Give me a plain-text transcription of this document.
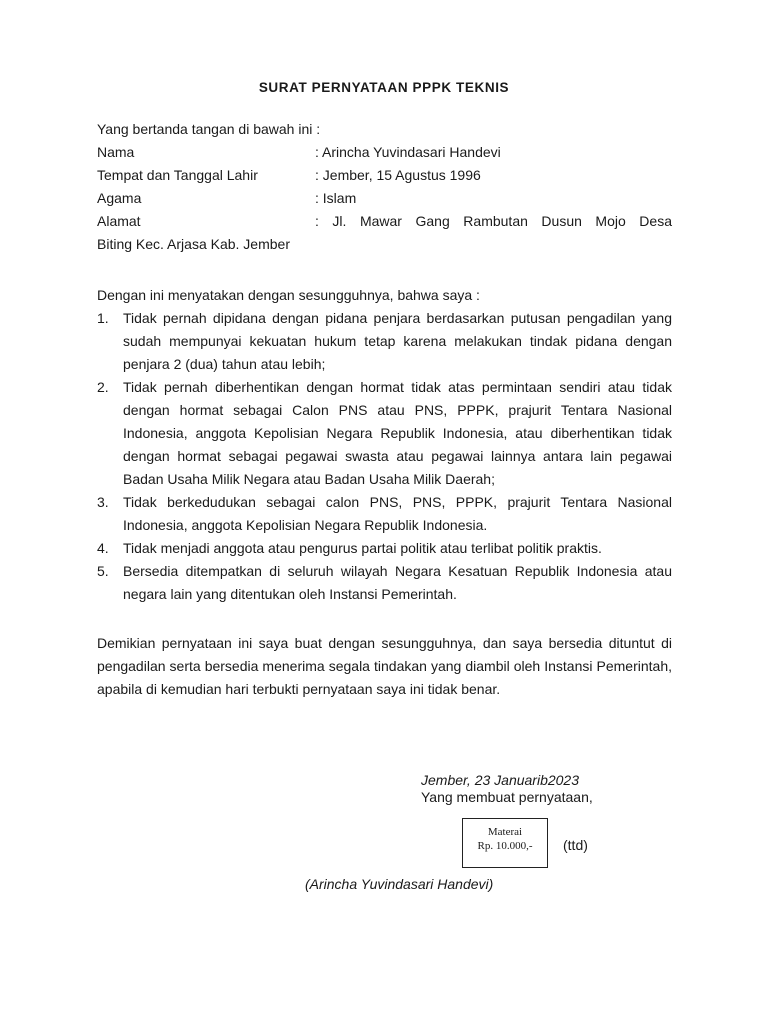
SURAT PERNYATAAN PPPK TEKNIS
Yang bertanda tangan di bawah ini :
Nama	: Arincha Yuvindasari Handevi
Tempat dan Tanggal Lahir	: Jember, 15 Agustus 1996
Agama	: Islam
Alamat	: Jl. Mawar Gang Rambutan Dusun Mojo Desa
Biting Kec. Arjasa Kab. Jember
Dengan ini menyatakan dengan sesungguhnya, bahwa saya :
1.	Tidak pernah dipidana dengan pidana penjara berdasarkan putusan pengadilan yang sudah mempunyai kekuatan hukum tetap karena melakukan tindak pidana dengan penjara 2 (dua) tahun atau lebih;
2.	Tidak pernah diberhentikan dengan hormat tidak atas permintaan sendiri atau tidak dengan hormat sebagai Calon PNS atau PNS, PPPK, prajurit Tentara Nasional Indonesia, anggota Kepolisian Negara Republik Indonesia, atau diberhentikan tidak dengan hormat sebagai pegawai swasta atau pegawai lainnya antara lain pegawai Badan Usaha Milik Negara atau Badan Usaha Milik Daerah;
3.	Tidak berkedudukan sebagai calon PNS, PNS, PPPK, prajurit Tentara Nasional Indonesia, anggota Kepolisian Negara Republik Indonesia.
4.	Tidak menjadi anggota atau pengurus partai politik atau terlibat politik praktis.
5.	Bersedia ditempatkan di seluruh wilayah Negara Kesatuan Republik Indonesia atau negara lain yang ditentukan oleh Instansi Pemerintah.
Demikian pernyataan ini saya buat dengan sesungguhnya, dan saya bersedia dituntut di pengadilan serta bersedia menerima segala tindakan yang diambil oleh Instansi Pemerintah, apabila di kemudian hari terbukti pernyataan saya ini tidak benar.
Jember, 23 Januarib2023
Yang membuat pernyataan,
Materai
Rp. 10.000,-	(ttd)
(Arincha Yuvindasari Handevi)
